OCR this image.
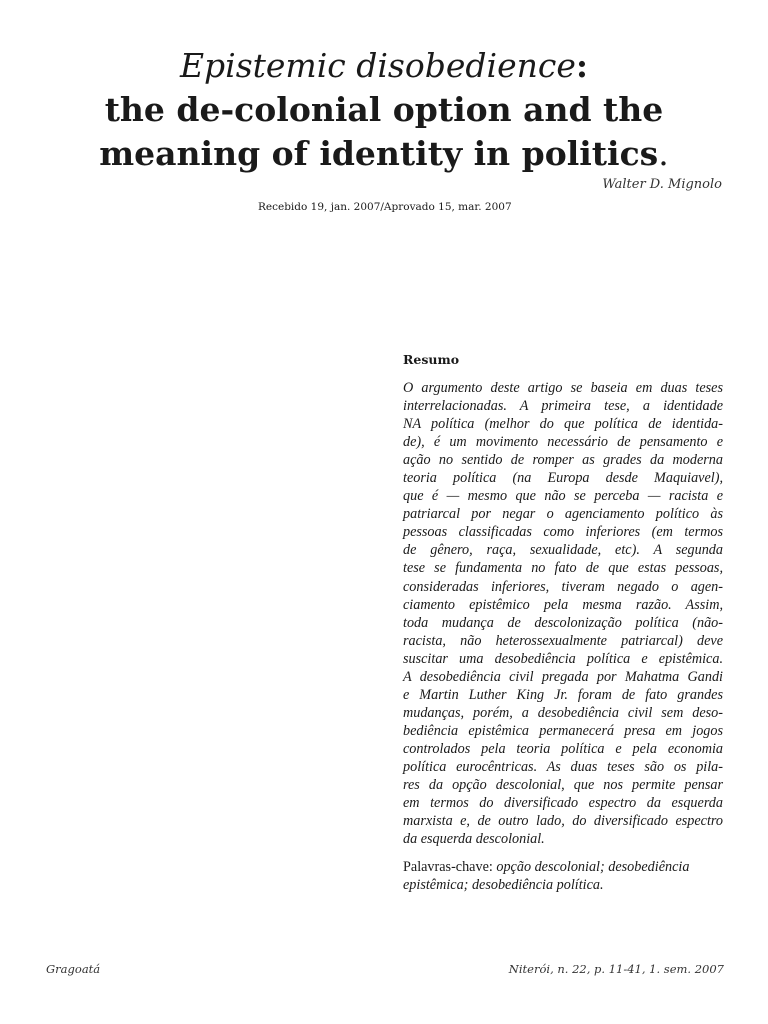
Epistemic disobedience:
the de-colonial option and the
meaning of identity in politics.
Walter D. Mignolo
Recebido 19, jan. 2007/Aprovado 15, mar. 2007
Resumo
O argumento deste artigo se baseia em duas teses
interrelacionadas. A primeira tese, a identidade
NA política (melhor do que política de identida-
de), é um movimento necessário de pensamento e
ação no sentido de romper as grades da moderna
teoria política (na Europa desde Maquiavel),
que é — mesmo que não se perceba — racista e
patriarcal por negar o agenciamento político às
pessoas classificadas como inferiores (em termos
de gênero, raça, sexualidade, etc). A segunda
tese se fundamenta no fato de que estas pessoas,
consideradas inferiores, tiveram negado o agen-
ciamento epistêmico pela mesma razão. Assim,
toda mudança de descolonização política (não-
racista, não heterossexualmente patriarcal) deve
suscitar uma desobediência política e epistêmica.
A desobediência civil pregada por Mahatma Gandi
e Martin Luther King Jr. foram de fato grandes
mudanças, porém, a desobediência civil sem deso-
bediência epistêmica permanecerá presa em jogos
controlados pela teoria política e pela economia
política eurocêntricas. As duas teses são os pila-
res da opção descolonial, que nos permite pensar
em termos do diversificado espectro da esquerda
marxista e, de outro lado, do diversificado espectro
da esquerda descolonial.
Palavras-chave: opção descolonial; desobediência
epistêmica; desobediência política.
Gragoatá	Niterói, n. 22, p. 11-41, 1. sem. 2007
